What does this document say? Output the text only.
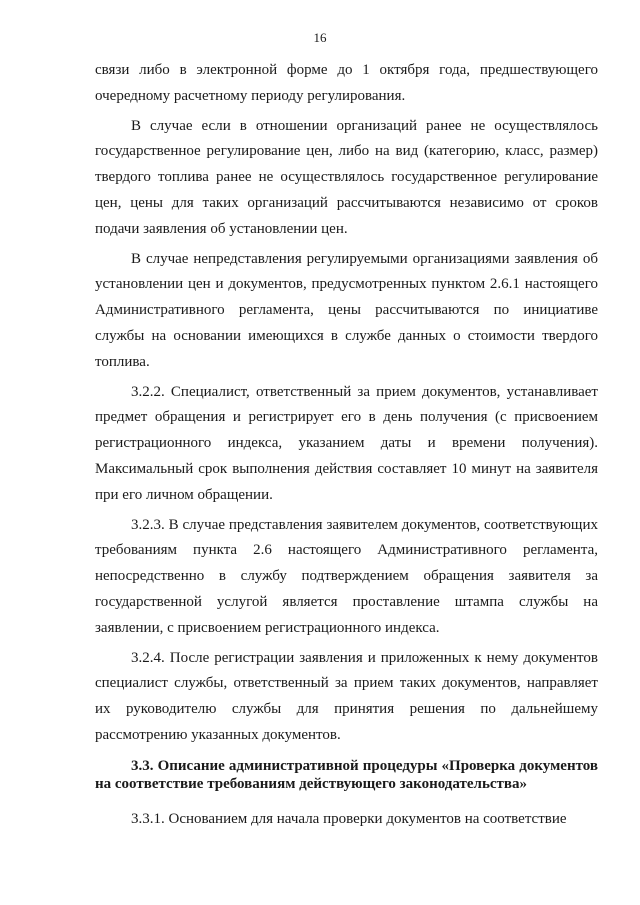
16

связи либо в электронной форме до 1 октября года, предшествующего очередному расчетному периоду регулирования.

В случае если в отношении организаций ранее не осуществлялось государственное регулирование цен, либо на вид (категорию, класс, размер) твердого топлива ранее не осуществлялось государственное регулирование цен, цены для таких организаций рассчитываются независимо от сроков подачи заявления об установлении цен.

В случае непредставления регулируемыми организациями заявления об установлении цен и документов, предусмотренных пунктом 2.6.1 настоящего Административного регламента, цены рассчитываются по инициативе службы на основании имеющихся в службе данных о стоимости твердого топлива.

3.2.2. Специалист, ответственный за прием документов, устанавливает предмет обращения и регистрирует его в день получения (с присвоением регистрационного индекса, указанием даты и времени получения). Максимальный срок выполнения действия составляет 10 минут на заявителя при его личном обращении.

3.2.3. В случае представления заявителем документов, соответствующих требованиям пункта 2.6 настоящего Административного регламента, непосредственно в службу подтверждением обращения заявителя за государственной услугой является проставление штампа службы на заявлении, с присвоением регистрационного индекса.

3.2.4. После регистрации заявления и приложенных к нему документов специалист службы, ответственный за прием таких документов, направляет их руководителю службы для принятия решения по дальнейшему рассмотрению указанных документов.

3.3. Описание административной процедуры «Проверка документов на соответствие требованиям действующего законодательства»

3.3.1. Основанием для начала проверки документов на соответствие
